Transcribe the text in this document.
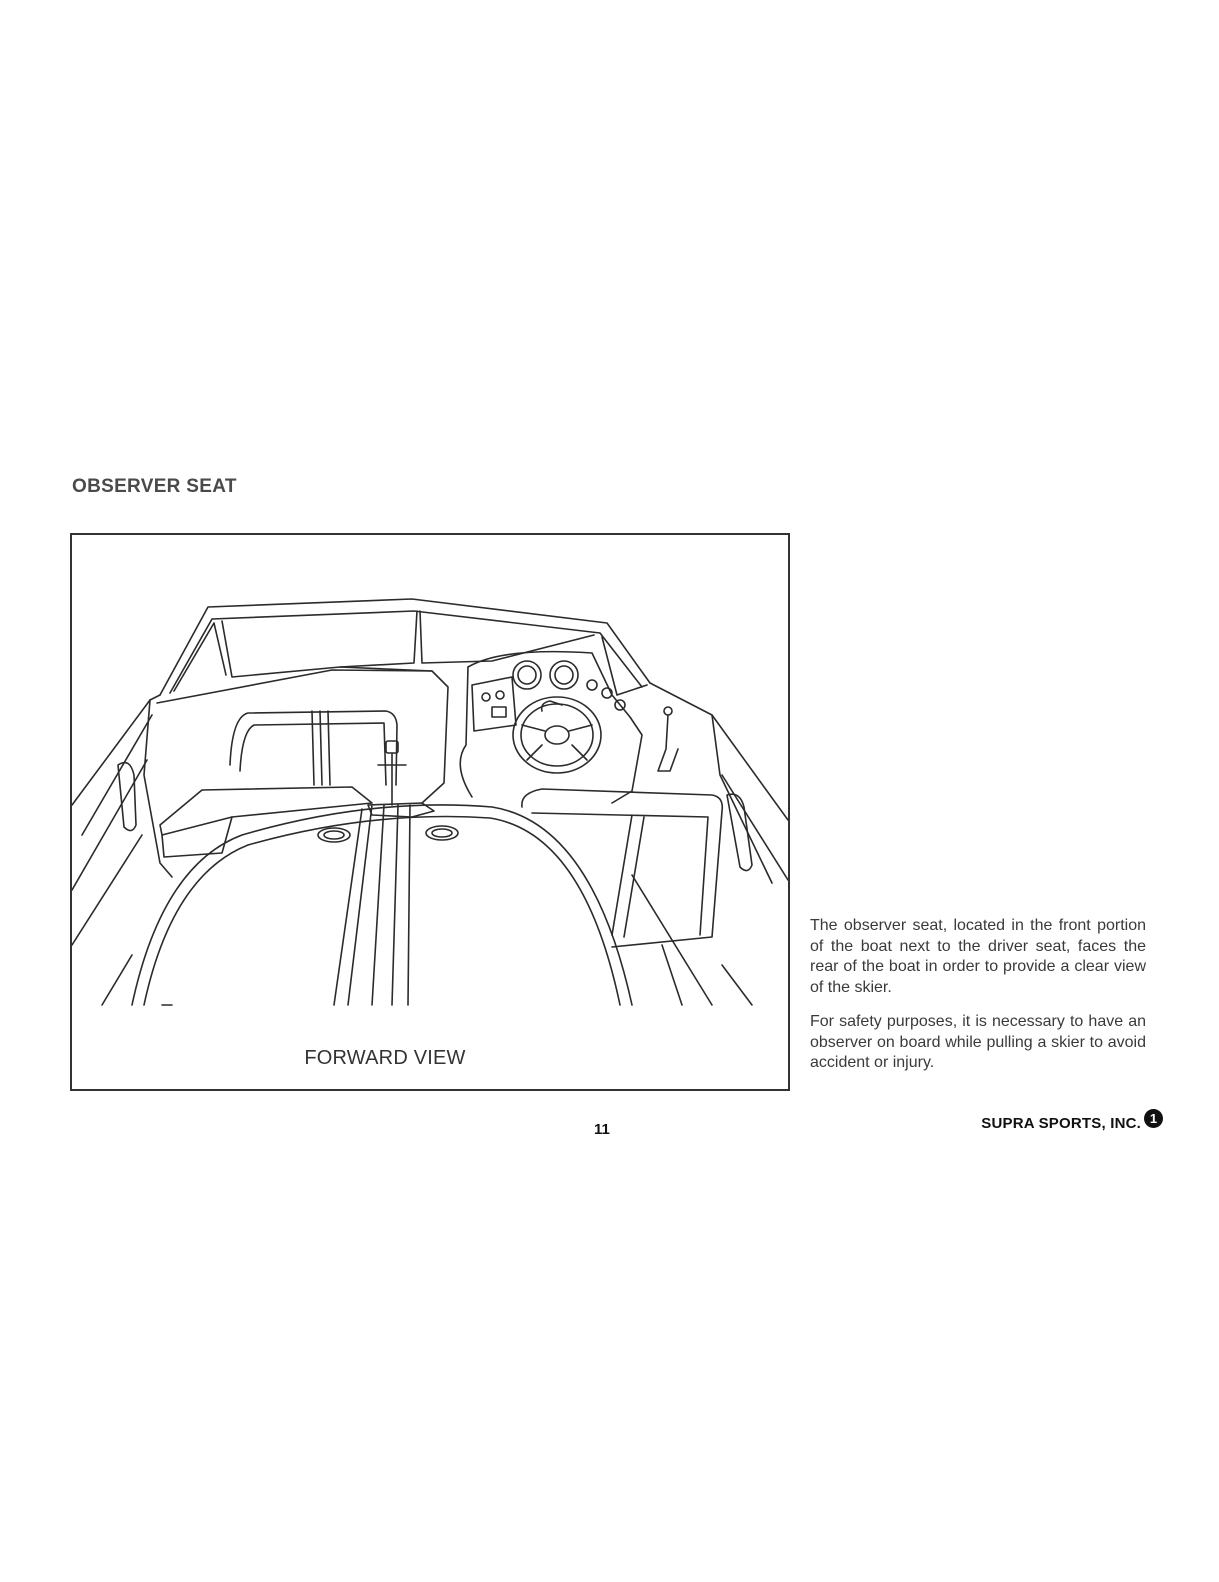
OBSERVER SEAT
FORWARD VIEW

The observer seat, located in the front portion of the boat next to the driver seat, faces the rear of the boat in order to provide a clear view of the skier.

For safety purposes, it is necessary to have an observer on board while pulling a skier to avoid accident or injury.

11	SUPRA SPORTS, INC. 1
